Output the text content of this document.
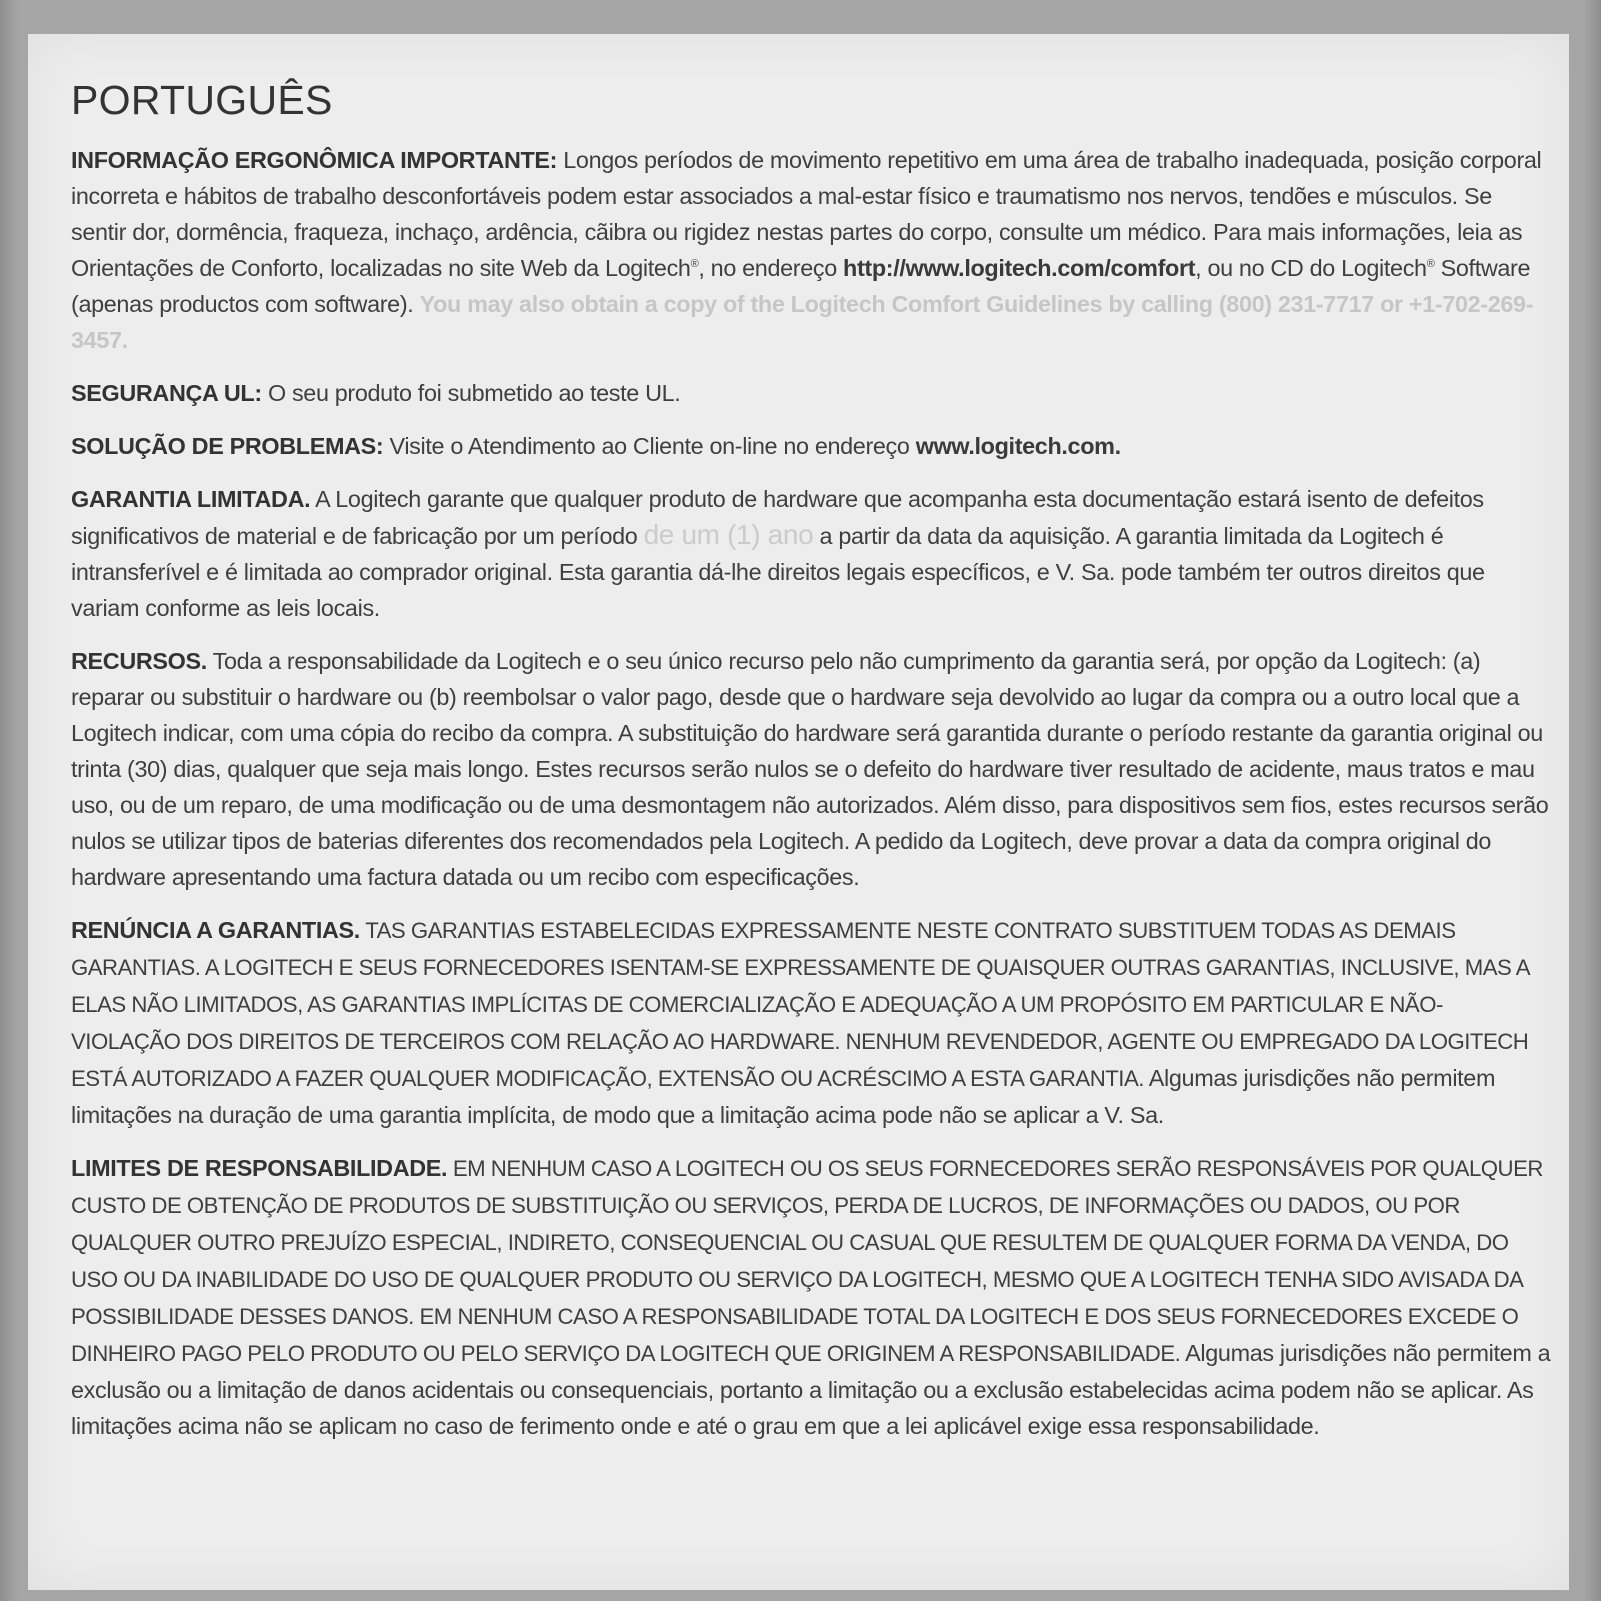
PORTUGUÊS

INFORMAÇÃO ERGONÔMICA IMPORTANTE: Longos períodos de movimento repetitivo em uma área de trabalho inadequada, posição corporal incorreta e hábitos de trabalho desconfortáveis podem estar associados a mal-estar físico e traumatismo nos nervos, tendões e músculos. Se sentir dor, dormência, fraqueza, inchaço, ardência, cãibra ou rigidez nestas partes do corpo, consulte um médico. Para mais informações, leia as Orientações de Conforto, localizadas no site Web da Logitech®, no endereço http://www.logitech.com/comfort, ou no CD do Logitech® Software (apenas productos com software). You may also obtain a copy of the Logitech Comfort Guidelines by calling (800) 231-7717 or +1-702-269-3457.

SEGURANÇA UL: O seu produto foi submetido ao teste UL.

SOLUÇÃO DE PROBLEMAS: Visite o Atendimento ao Cliente on-line no endereço www.logitech.com.

GARANTIA LIMITADA. A Logitech garante que qualquer produto de hardware que acompanha esta documentação estará isento de defeitos significativos de material e de fabricação por um período de um (1) ano a partir da data da aquisição. A garantia limitada da Logitech é intransferível e é limitada ao comprador original. Esta garantia dá-lhe direitos legais específicos, e V. Sa. pode também ter outros direitos que variam conforme as leis locais.

RECURSOS. Toda a responsabilidade da Logitech e o seu único recurso pelo não cumprimento da garantia será, por opção da Logitech: (a) reparar ou substituir o hardware ou (b) reembolsar o valor pago, desde que o hardware seja devolvido ao lugar da compra ou a outro local que a Logitech indicar, com uma cópia do recibo da compra. A substituição do hardware será garantida durante o período restante da garantia original ou trinta (30) dias, qualquer que seja mais longo. Estes recursos serão nulos se o defeito do hardware tiver resultado de acidente, maus tratos e mau uso, ou de um reparo, de uma modificação ou de uma desmontagem não autorizados. Além disso, para dispositivos sem fios, estes recursos serão nulos se utilizar tipos de baterias diferentes dos recomendados pela Logitech. A pedido da Logitech, deve provar a data da compra original do hardware apresentando uma factura datada ou um recibo com especificações.

RENÚNCIA A GARANTIAS. TAS GARANTIAS ESTABELECIDAS EXPRESSAMENTE NESTE CONTRATO SUBSTITUEM TODAS AS DEMAIS GARANTIAS. A LOGITECH E SEUS FORNECEDORES ISENTAM-SE EXPRESSAMENTE DE QUAISQUER OUTRAS GARANTIAS, INCLUSIVE, MAS A ELAS NÃO LIMITADOS, AS GARANTIAS IMPLÍCITAS DE COMERCIALIZAÇÃO E ADEQUAÇÃO A UM PROPÓSITO EM PARTICULAR E NÃO-VIOLAÇÃO DOS DIREITOS DE TERCEIROS COM RELAÇÃO AO HARDWARE. NENHUM REVENDEDOR, AGENTE OU EMPREGADO DA LOGITECH ESTÁ AUTORIZADO A FAZER QUALQUER MODIFICAÇÃO, EXTENSÃO OU ACRÉSCIMO A ESTA GARANTIA. Algumas jurisdições não permitem limitações na duração de uma garantia implícita, de modo que a limitação acima pode não se aplicar a V. Sa.

LIMITES DE RESPONSABILIDADE. EM NENHUM CASO A LOGITECH OU OS SEUS FORNECEDORES SERÃO RESPONSÁVEIS POR QUALQUER CUSTO DE OBTENÇÃO DE PRODUTOS DE SUBSTITUIÇÃO OU SERVIÇOS, PERDA DE LUCROS, DE INFORMAÇÕES OU DADOS, OU POR QUALQUER OUTRO PREJUÍZO ESPECIAL, INDIRETO, CONSEQUENCIAL OU CASUAL QUE RESULTEM DE QUALQUER FORMA DA VENDA, DO USO OU DA INABILIDADE DO USO DE QUALQUER PRODUTO OU SERVIÇO DA LOGITECH, MESMO QUE A LOGITECH TENHA SIDO AVISADA DA POSSIBILIDADE DESSES DANOS. EM NENHUM CASO A RESPONSABILIDADE TOTAL DA LOGITECH E DOS SEUS FORNECEDORES EXCEDE O DINHEIRO PAGO PELO PRODUTO OU PELO SERVIÇO DA LOGITECH QUE ORIGINEM A RESPONSABILIDADE. Algumas jurisdições não permitem a exclusão ou a limitação de danos acidentais ou consequenciais, portanto a limitação ou a exclusão estabelecidas acima podem não se aplicar. As limitações acima não se aplicam no caso de ferimento onde e até o grau em que a lei aplicável exige essa responsabilidade.
